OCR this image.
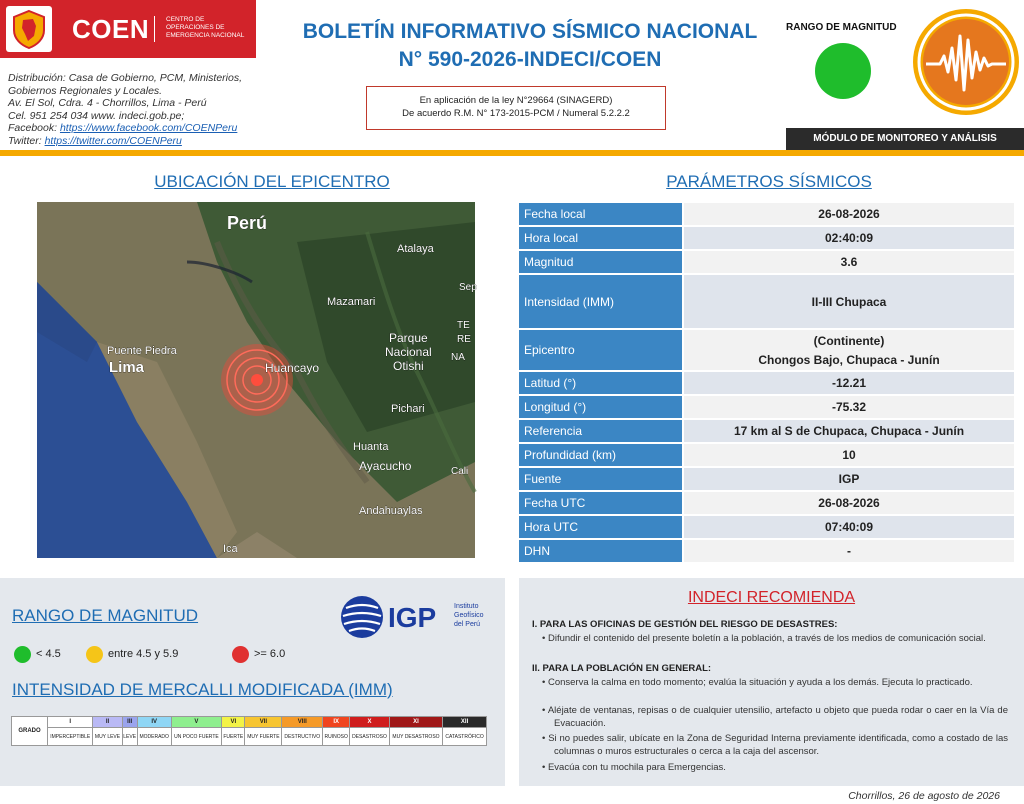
COEN	CENTRO DE OPERACIONES DE EMERGENCIA NACIONAL
Distribución: Casa de Gobierno, PCM, Ministerios,
Gobiernos Regionales y Locales.
Av. El Sol, Cdra. 4 - Chorrillos, Lima - Perú
Cel. 951 254 034 www. indeci.gob.pe;
Facebook: https://www.facebook.com/COENPeru
Twitter: https://twitter.com/COENPeru
BOLETÍN INFORMATIVO SÍSMICO NACIONAL
N° 590-2026-INDECI/COEN
En aplicación de la ley N°29664 (SINAGERD)
De acuerdo R.M. N° 173-2015-PCM / Numeral 5.2.2.2
RANGO DE MAGNITUD
MÓDULO DE MONITOREO Y ANÁLISIS
UBICACIÓN DEL EPICENTRO
Perú
Atalaya
Mazamari
Parque
Nacional
Otishi
Puente Piedra
Lima	Huancayo
Pichari
Huanta
Ayacucho
Andahuaylas
Ica
Sep
TE
RE
NA
Cali
PARÁMETROS SÍSMICOS
Fecha local	26-08-2026
Hora local	02:40:09
Magnitud	3.6
Intensidad (IMM)	II-III Chupaca
Epicentro	(Continente)
Chongos Bajo, Chupaca - Junín

Latitud (°)	-12.21
Longitud (°)	-75.32
Referencia	17 km al S de Chupaca, Chupaca - Junín
Profundidad (km)	10
Fuente	IGP
Fecha UTC	26-08-2026
Hora UTC	07:40:09
DHN	-
RANGO DE MAGNITUD	IGP	Instituto
Geofísico
del Perú
< 4.5	entre 4.5 y 5.9	>= 6.0
INTENSIDAD DE MERCALLI MODIFICADA (IMM)
GRADO	I	II	III	IV	V	VI	VII	VIII	IX	X	XI	XII
	IMPERCEPTIBLE	MUY LEVE	LEVE	MODERADO	UN POCO FUERTE	FUERTE	MUY FUERTE	DESTRUCTIVO	RUINOSO	DESASTROSO	MUY DESASTROSO	CATASTRÓFICO
INDECI RECOMIENDA
I. PARA LAS OFICINAS DE GESTIÓN DEL RIESGO DE DESASTRES:
• Difundir el contenido del presente boletín a la población, a través de los medios de comunicación social.
II. PARA LA POBLACIÓN EN GENERAL:
• Conserva la calma en todo momento; evalúa la situación y ayuda a los demás. Ejecuta lo practicado.
• Aléjate de ventanas, repisas o de cualquier utensilio, artefacto u objeto que pueda rodar o caer en la Vía de Evacuación.
• Si no puedes salir, ubícate en la Zona de Seguridad Interna previamente identificada, como a costado de las columnas o muros estructurales o cerca a la caja del ascensor.
• Evacúa con tu mochila para Emergencias.
Chorrillos, 26 de agosto de 2026
